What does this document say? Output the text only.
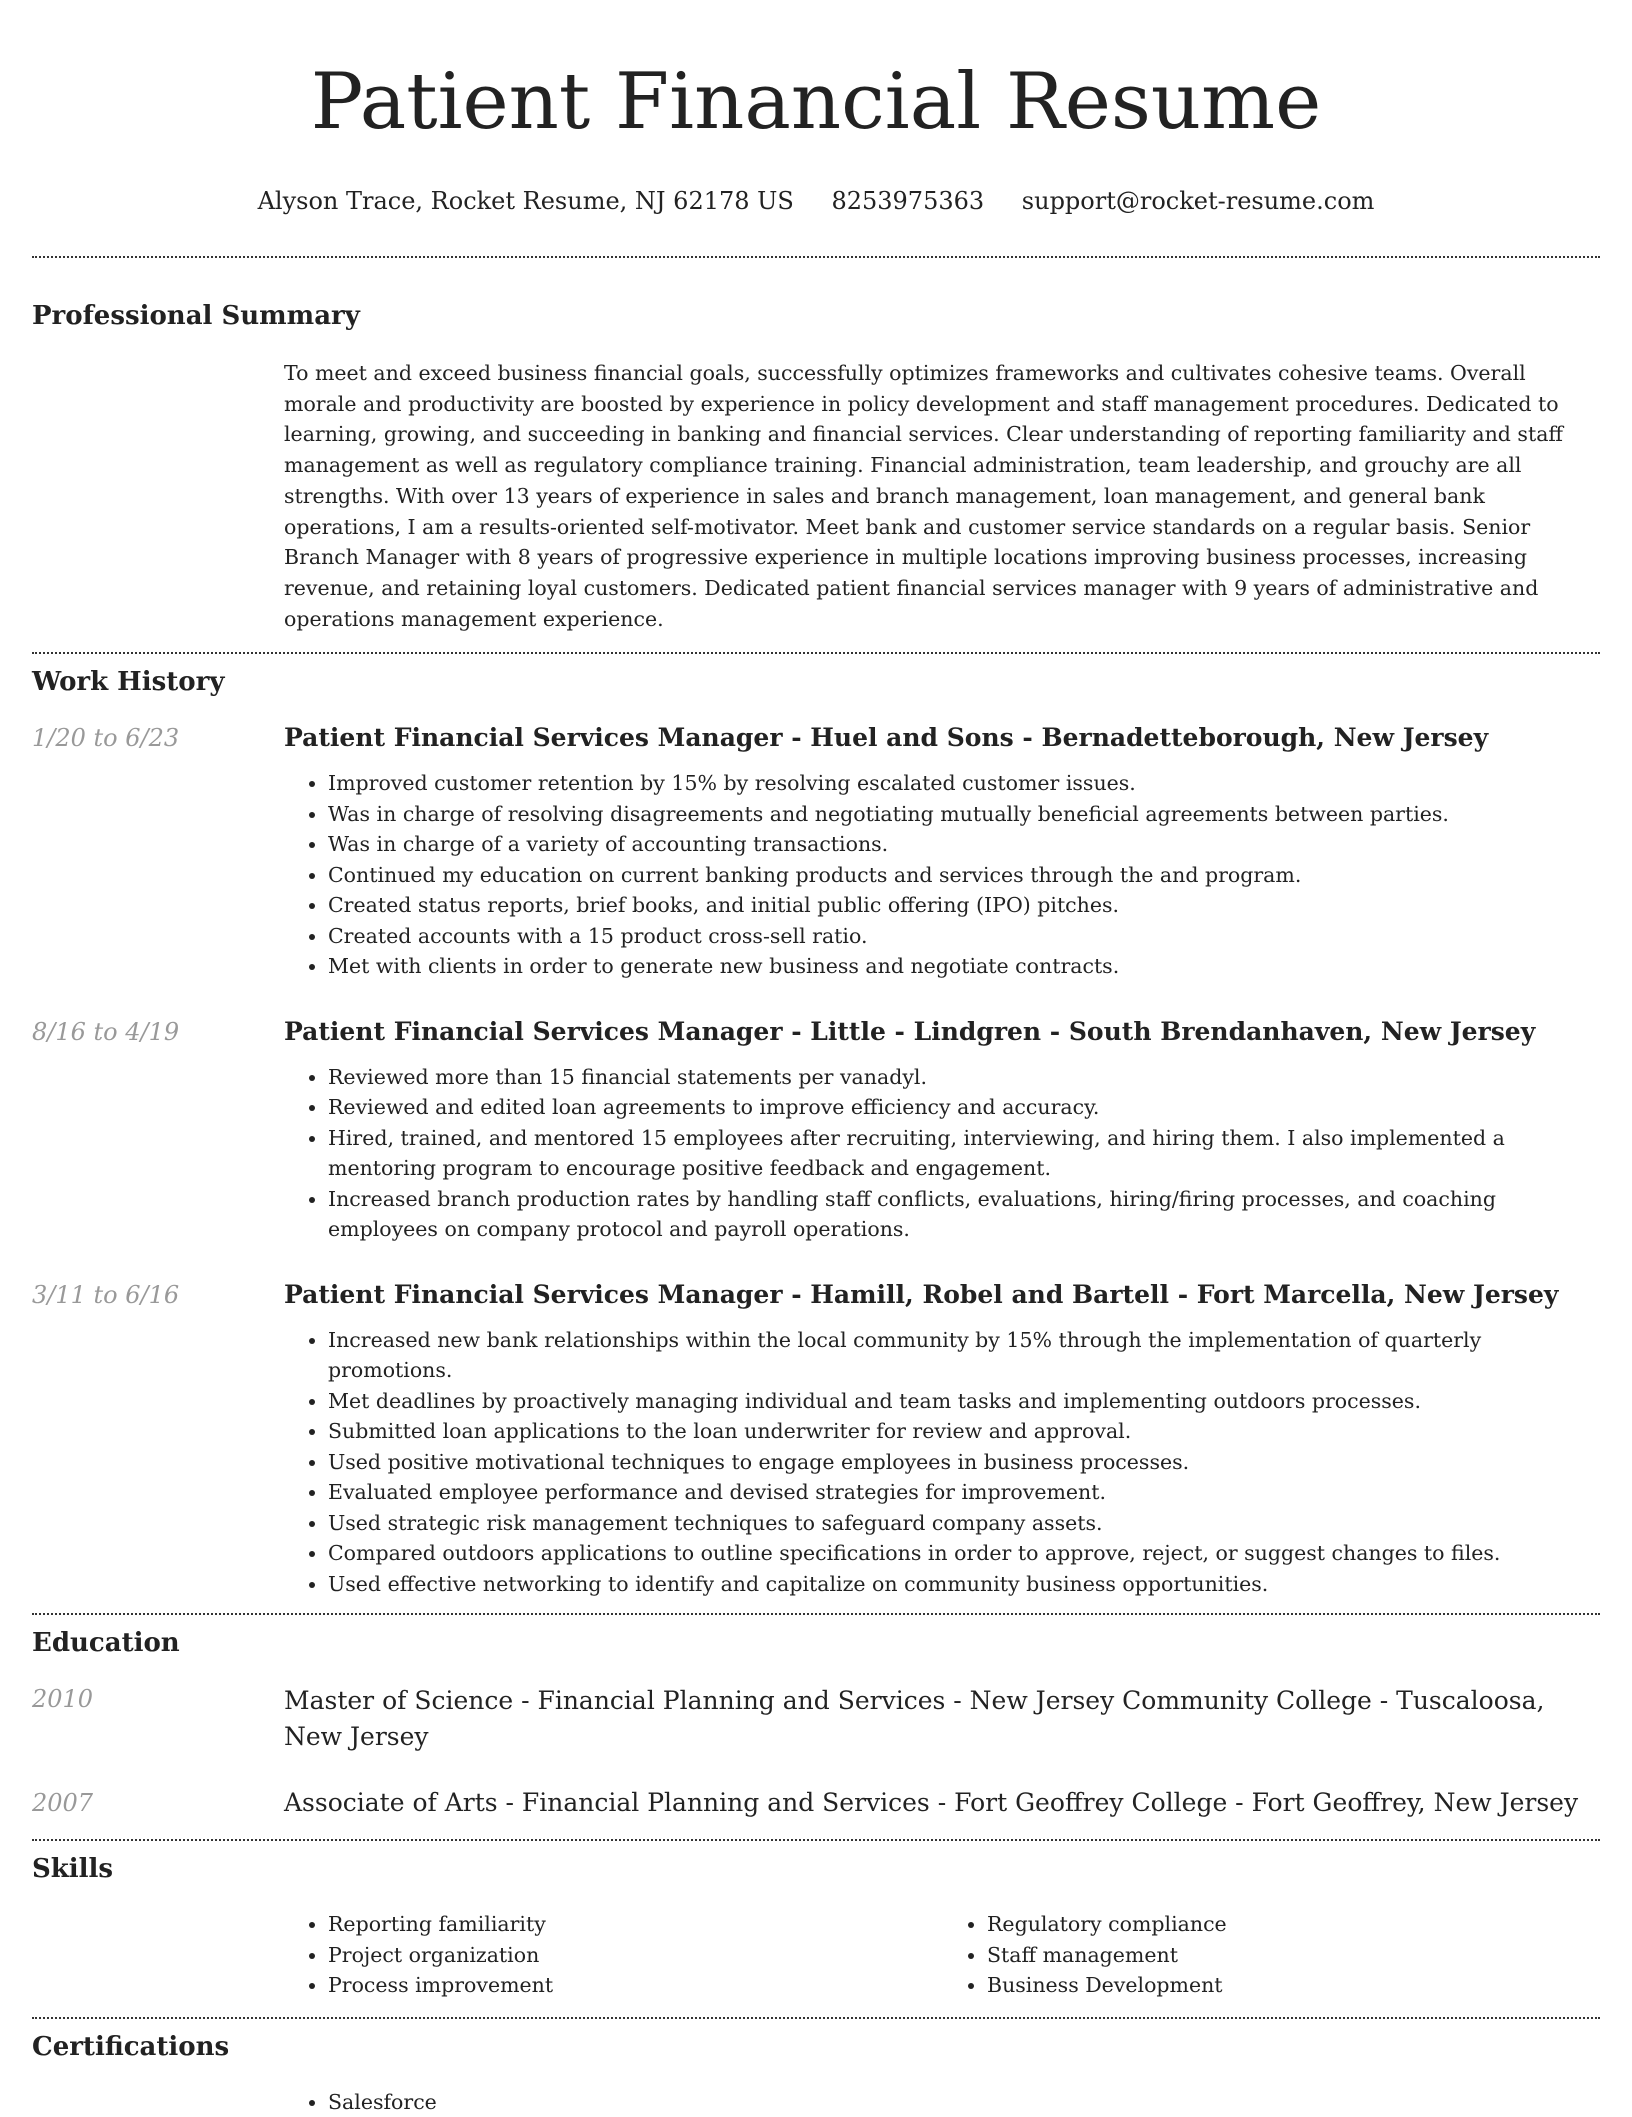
Patient Financial Resume
Alyson Trace, Rocket Resume, NJ 62178 US 8253975363 support@rocket-resume.com
Professional Summary
To meet and exceed business financial goals, successfully optimizes frameworks and cultivates cohesive teams. Overall morale and productivity are boosted by experience in policy development and staff management procedures. Dedicated to learning, growing, and succeeding in banking and financial services. Clear understanding of reporting familiarity and staff management as well as regulatory compliance training. Financial administration, team leadership, and grouchy are all strengths. With over 13 years of experience in sales and branch management, loan management, and general bank operations, I am a results-oriented self-motivator. Meet bank and customer service standards on a regular basis. Senior Branch Manager with 8 years of progressive experience in multiple locations improving business processes, increasing revenue, and retaining loyal customers. Dedicated patient financial services manager with 9 years of administrative and operations management experience.
Work History
1/20 to 6/23	Patient Financial Services Manager - Huel and Sons - Bernadetteborough, New Jersey
• Improved customer retention by 15% by resolving escalated customer issues.
• Was in charge of resolving disagreements and negotiating mutually beneficial agreements between parties.
• Was in charge of a variety of accounting transactions.
• Continued my education on current banking products and services through the and program.
• Created status reports, brief books, and initial public offering (IPO) pitches.
• Created accounts with a 15 product cross-sell ratio.
• Met with clients in order to generate new business and negotiate contracts.
8/16 to 4/19	Patient Financial Services Manager - Little - Lindgren - South Brendanhaven, New Jersey
• Reviewed more than 15 financial statements per vanadyl.
• Reviewed and edited loan agreements to improve efficiency and accuracy.
• Hired, trained, and mentored 15 employees after recruiting, interviewing, and hiring them. I also implemented a mentoring program to encourage positive feedback and engagement.
• Increased branch production rates by handling staff conflicts, evaluations, hiring/firing processes, and coaching employees on company protocol and payroll operations.
3/11 to 6/16	Patient Financial Services Manager - Hamill, Robel and Bartell - Fort Marcella, New Jersey
• Increased new bank relationships within the local community by 15% through the implementation of quarterly promotions.
• Met deadlines by proactively managing individual and team tasks and implementing outdoors processes.
• Submitted loan applications to the loan underwriter for review and approval.
• Used positive motivational techniques to engage employees in business processes.
• Evaluated employee performance and devised strategies for improvement.
• Used strategic risk management techniques to safeguard company assets.
• Compared outdoors applications to outline specifications in order to approve, reject, or suggest changes to files.
• Used effective networking to identify and capitalize on community business opportunities.
Education
2010	Master of Science - Financial Planning and Services - New Jersey Community College - Tuscaloosa, New Jersey
2007	Associate of Arts - Financial Planning and Services - Fort Geoffrey College - Fort Geoffrey, New Jersey
Skills
• Reporting familiarity
• Project organization
• Process improvement
• Regulatory compliance
• Staff management
• Business Development
Certifications
• Salesforce
